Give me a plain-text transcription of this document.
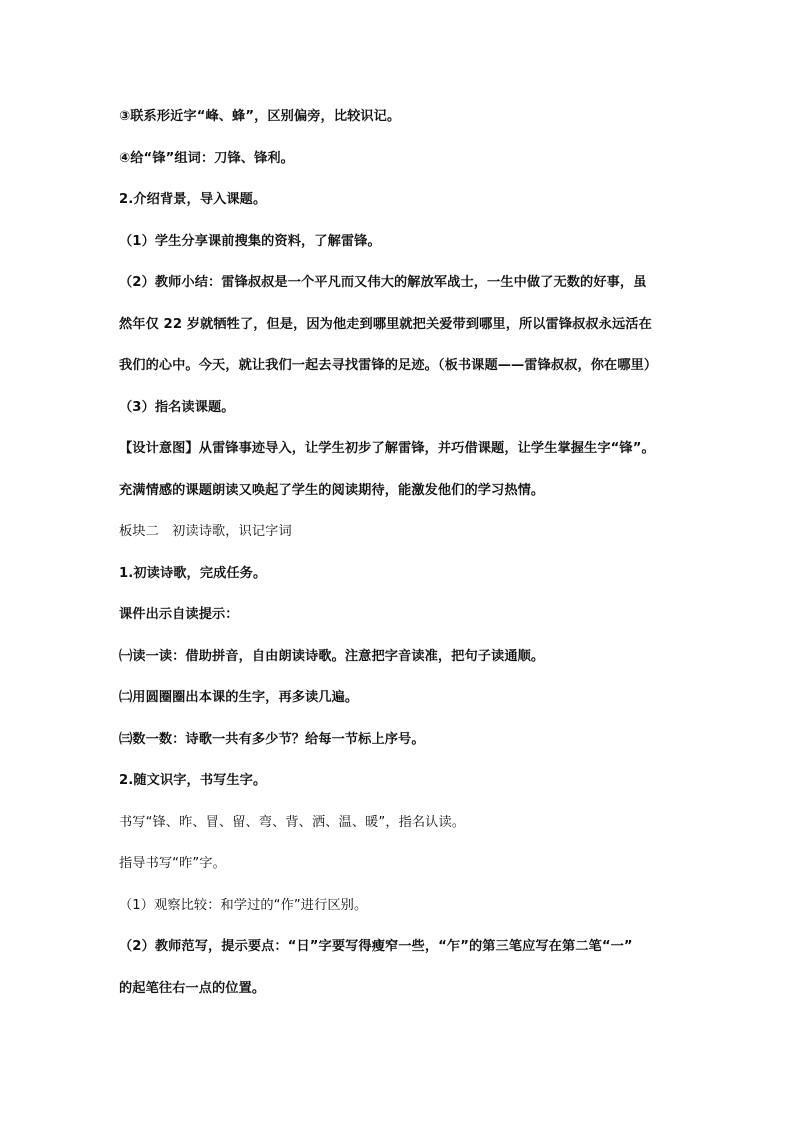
③联系形近字“峰、蜂”，区别偏旁，比较识记。
④给“锋”组词：刀锋、锋利。
2.介绍背景，导入课题。
（1）学生分享课前搜集的资料，了解雷锋。
（2）教师小结：雷锋叔叔是一个平凡而又伟大的解放军战士，一生中做了无数的好事，虽
然年仅 22 岁就牺牲了，但是，因为他走到哪里就把关爱带到哪里，所以雷锋叔叔永远活在
我们的心中。今天，就让我们一起去寻找雷锋的足迹。（板书课题——雷锋叔叔，你在哪里）
（3）指名读课题。
【设计意图】从雷锋事迹导入，让学生初步了解雷锋，并巧借课题，让学生掌握生字“锋”。
充满情感的课题朗读又唤起了学生的阅读期待，能激发他们的学习热情。
板块二　初读诗歌，识记字词
1.初读诗歌，完成任务。
课件出示自读提示：
㈠读一读：借助拼音，自由朗读诗歌。注意把字音读准，把句子读通顺。
㈡用圆圈圈出本课的生字，再多读几遍。
㈢数一数：诗歌一共有多少节？给每一节标上序号。
2.随文识字，书写生字。
书写“锋、昨、冒、留、弯、背、洒、温、暖”，指名认读。
指导书写“昨”字。
（1）观察比较：和学过的“作”进行区别。
（2）教师范写，提示要点：“日”字要写得瘦窄一些，“乍”的第三笔应写在第二笔“一”
的起笔往右一点的位置。
